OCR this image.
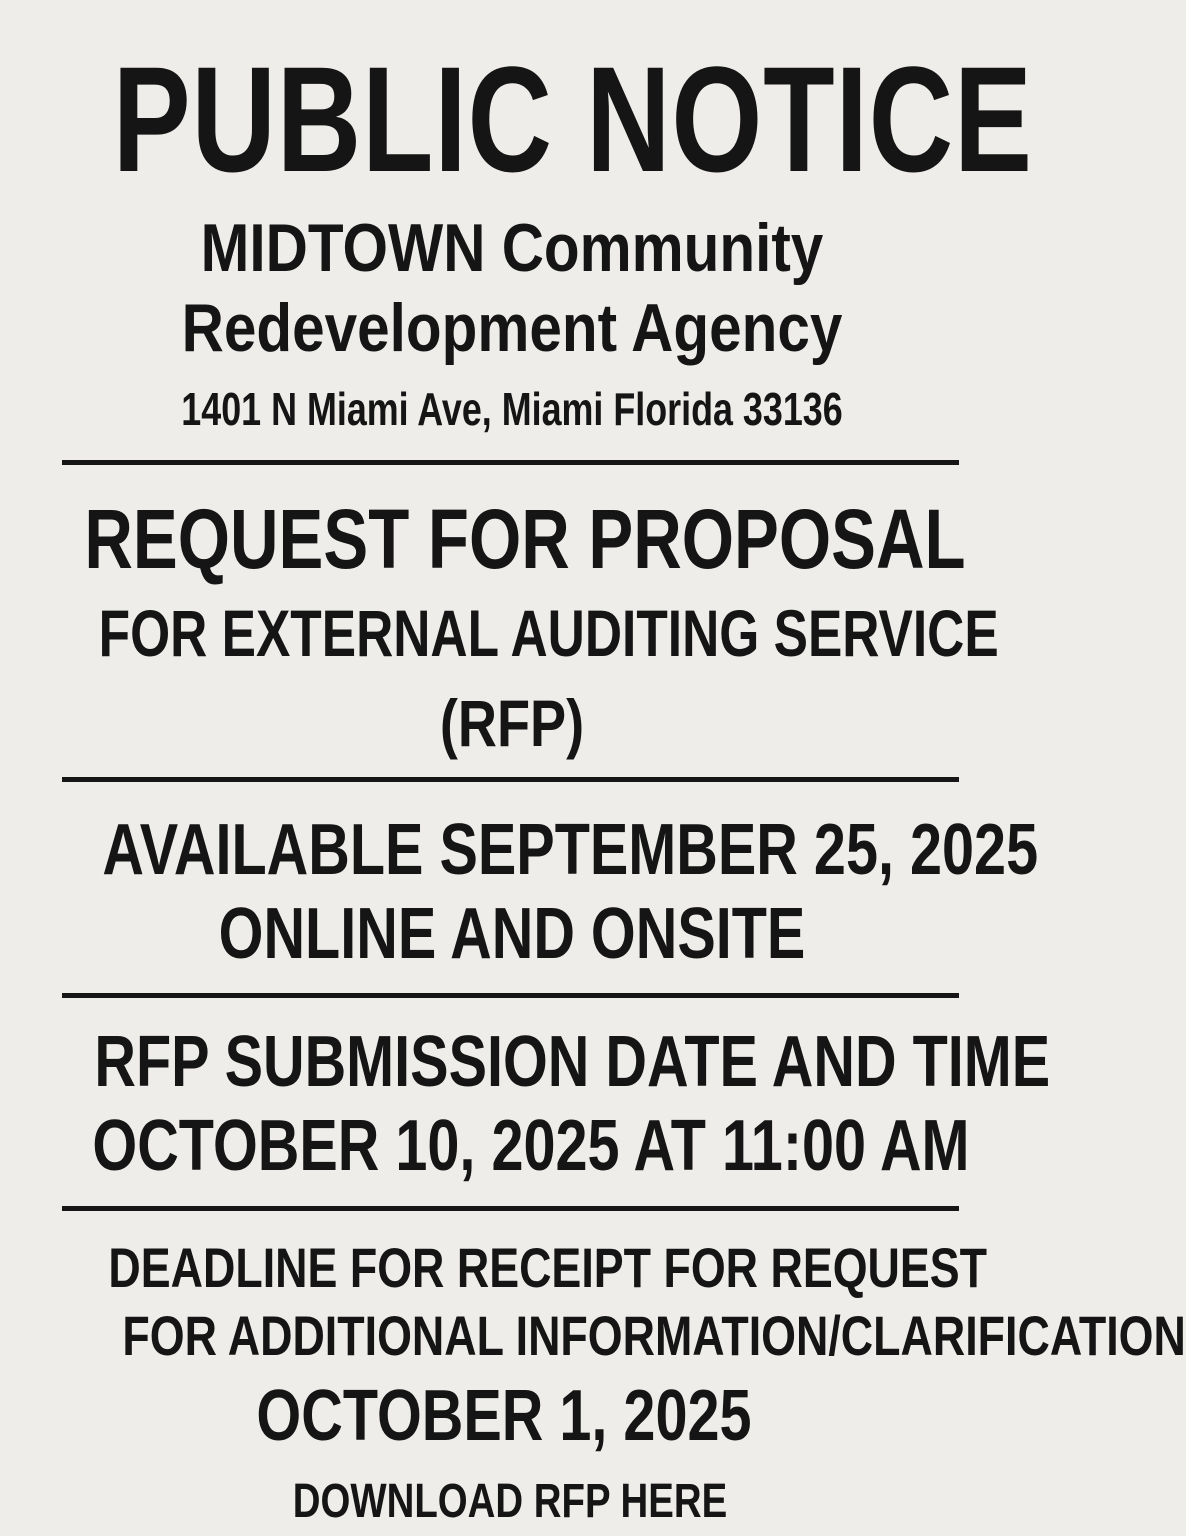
PUBLIC NOTICE
MIDTOWN Community
Redevelopment Agency
1401 N Miami Ave, Miami Florida 33136
REQUEST FOR PROPOSAL
FOR EXTERNAL AUDITING SERVICE
(RFP)
AVAILABLE SEPTEMBER 25, 2025
ONLINE AND ONSITE
RFP SUBMISSION DATE AND TIME
OCTOBER 10, 2025 AT 11:00 AM
DEADLINE FOR RECEIPT FOR REQUEST
FOR ADDITIONAL INFORMATION/CLARIFICATION
OCTOBER 1, 2025
DOWNLOAD RFP HERE
